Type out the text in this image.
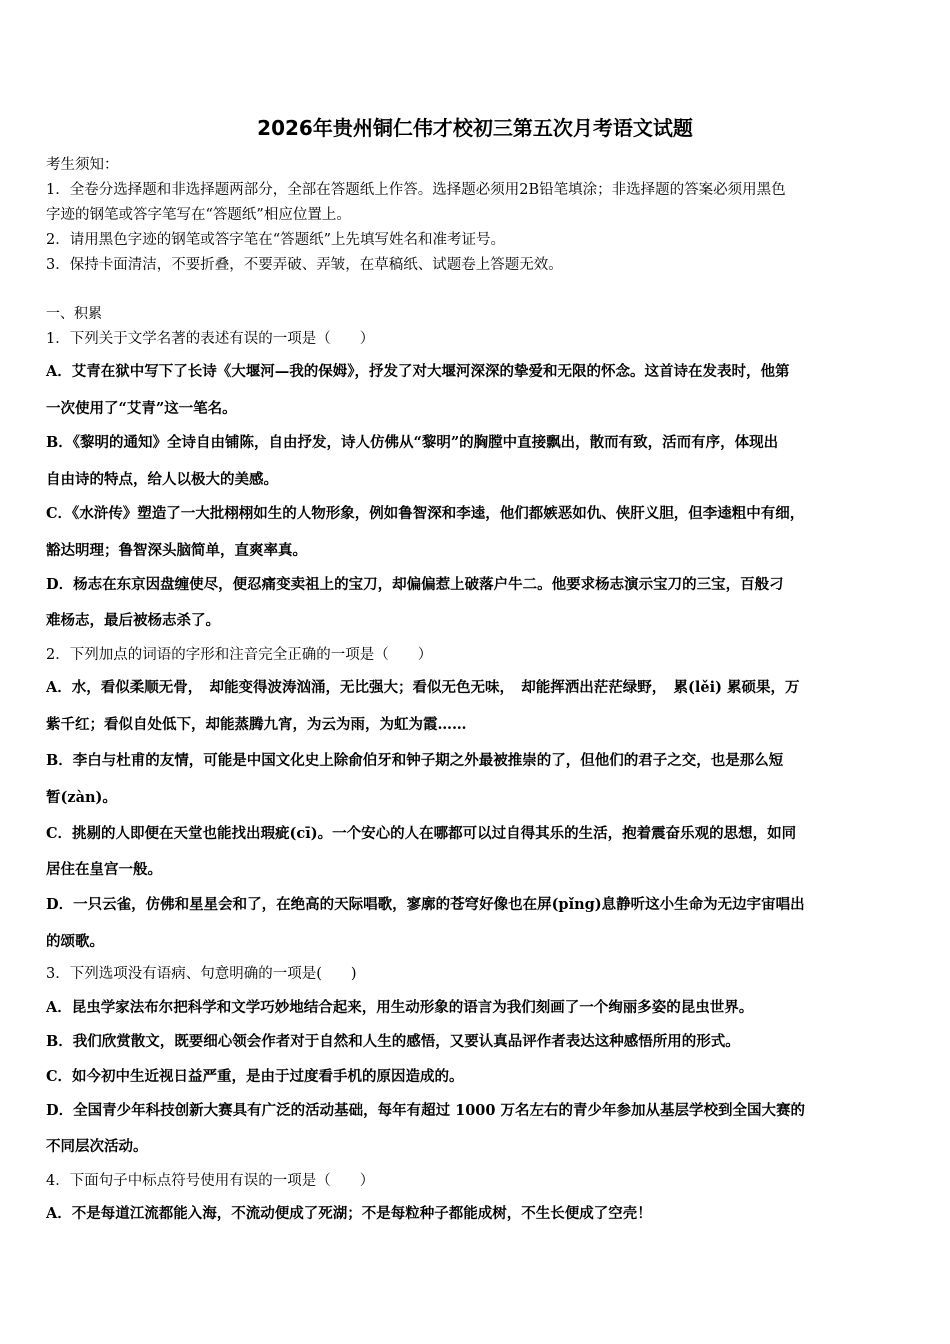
2026年贵州铜仁伟才校初三第五次月考语文试题
考生须知：
1．全卷分选择题和非选择题两部分，全部在答题纸上作答。选择题必须用2B铅笔填涂；非选择题的答案必须用黑色
字迹的钢笔或答字笔写在“答题纸”相应位置上。
2．请用黑色字迹的钢笔或答字笔在“答题纸”上先填写姓名和准考证号。
3．保持卡面清洁，不要折叠，不要弄破、弄皱，在草稿纸、试题卷上答题无效。
一、积累
1．下列关于文学名著的表述有误的一项是（　　）
A．艾青在狱中写下了长诗《大堰河—我的保姆》，抒发了对大堰河深深的挚爱和无限的怀念。这首诗在发表时，他第
一次使用了“艾青”这一笔名。
B．《黎明的通知》全诗自由铺陈，自由抒发，诗人仿佛从“黎明”的胸膛中直接飘出，散而有致，活而有序，体现出
自由诗的特点，给人以极大的美感。
C．《水浒传》塑造了一大批栩栩如生的人物形象，例如鲁智深和李逵，他们都嫉恶如仇、侠肝义胆，但李逵粗中有细，
豁达明理；鲁智深头脑简单，直爽率真。
D．杨志在东京因盘缠使尽，便忍痛变卖祖上的宝刀，却偏偏惹上破落户牛二。他要求杨志演示宝刀的三宝，百般刁
难杨志，最后被杨志杀了。
2．下列加点的词语的字形和注音完全正确的一项是（　　）
A．水，看似柔顺无骨，　却能变得波涛汹涌，无比强大；看似无色无味，　却能挥洒出茫茫绿野，　累(lěi) 累硕果，万
紫千红；看似自处低下，却能蒸腾九宵，为云为雨，为虹为霞……
B．李白与杜甫的友情，可能是中国文化史上除俞伯牙和钟子期之外最被推崇的了，但他们的君子之交，也是那么短
暂(zàn)。
C．挑剔的人即便在天堂也能找出瑕疵(cī)。一个安心的人在哪都可以过自得其乐的生活，抱着震奋乐观的思想，如同
居住在皇宫一般。
D．一只云雀，仿佛和星星会和了，在绝高的天际唱歌，寥廓的苍穹好像也在屏(pǐng)息静听这小生命为无边宇宙唱出
的颂歌。
3．下列选项没有语病、句意明确的一项是(　　)
A．昆虫学家法布尔把科学和文学巧妙地结合起来，用生动形象的语言为我们刻画了一个绚丽多姿的昆虫世界。
B．我们欣赏散文，既要细心领会作者对于自然和人生的感悟，又要认真品评作者表达这种感悟所用的形式。
C．如今初中生近视日益严重，是由于过度看手机的原因造成的。
D．全国青少年科技创新大赛具有广泛的活动基础，每年有超过 1000 万名左右的青少年参加从基层学校到全国大赛的
不同层次活动。
4．下面句子中标点符号使用有误的一项是（　　）
A．不是每道江流都能入海，不流动便成了死湖；不是每粒种子都能成树，不生长便成了空壳！
